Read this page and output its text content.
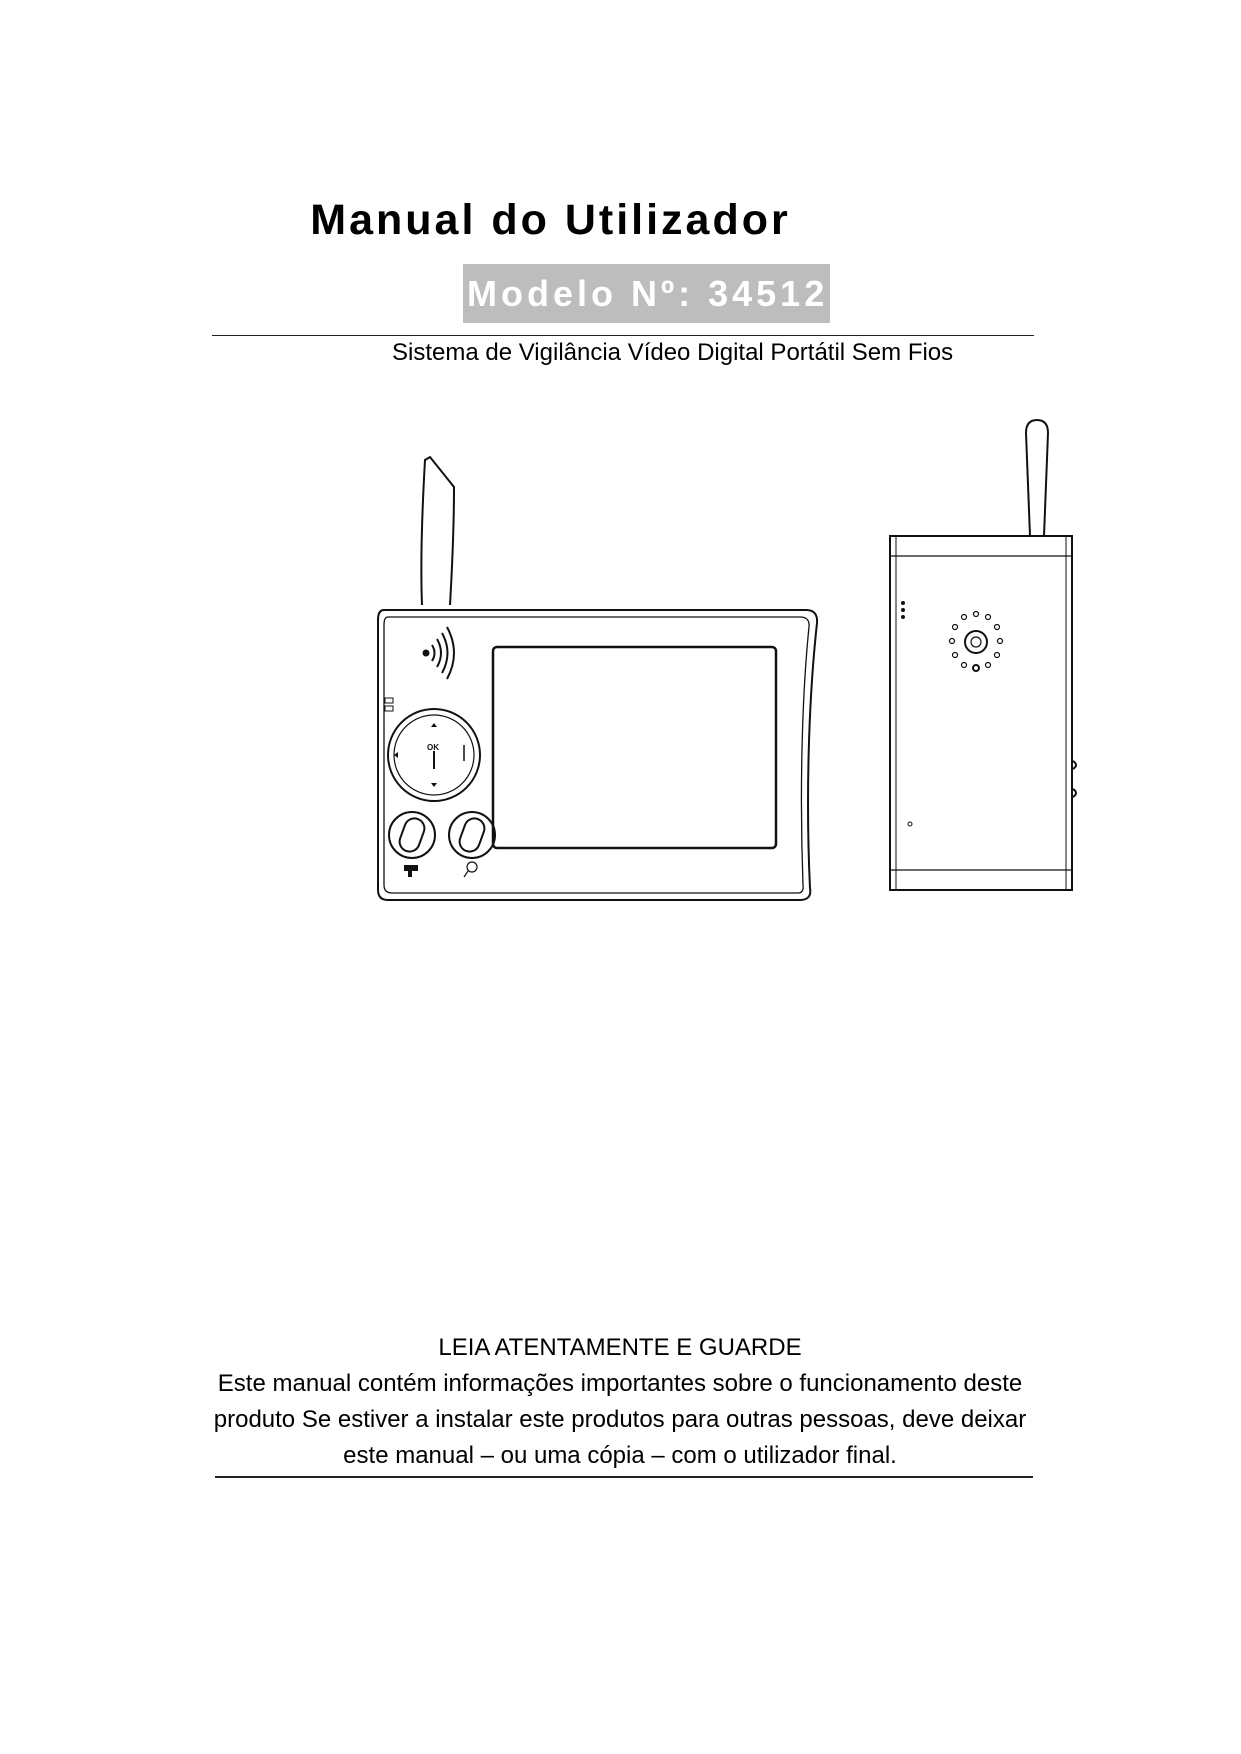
Manual do Utilizador
Modelo Nº: 34512
Sistema de Vigilância Vídeo Digital Portátil Sem Fios
OK

LEIA ATENTAMENTE E GUARDE

Este manual contém informações importantes sobre o funcionamento deste

produto Se estiver a instalar este produtos para outras pessoas, deve deixar

este manual – ou uma cópia – com o utilizador final.
